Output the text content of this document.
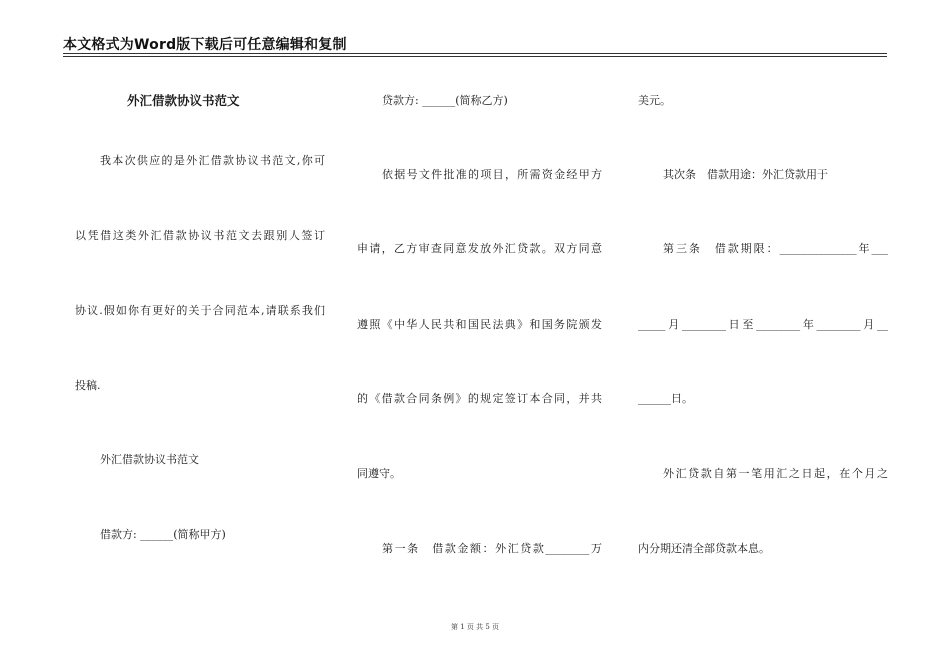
本文格式为Word版下载后可任意编辑和复制
外汇借款协议书范文
我本次供应的是外汇借款协议书范文,你可
以凭借这类外汇借款协议书范文去跟别人签订
协议.假如你有更好的关于合同范本,请联系我们
投稿.
外汇借款协议书范文
借款方: ______(简称甲方)
贷款方: ______(简称乙方)
依据号文件批准的项目，所需资金经甲方
申请，乙方审查同意发放外汇贷款。双方同意
遵照《中华人民共和国民法典》和国务院颁发
的《借款合同条例》的规定签订本合同，并共
同遵守。
第一条　借款金额：外汇贷款________万
美元。
其次条　借款用途：外汇贷款用于
第三条　借款期限：______________年___
_____月________日至________年________月__
______日。
外汇贷款自第一笔用汇之日起，在个月之
内分期还清全部贷款本息。
第 1 页 共 5 页
